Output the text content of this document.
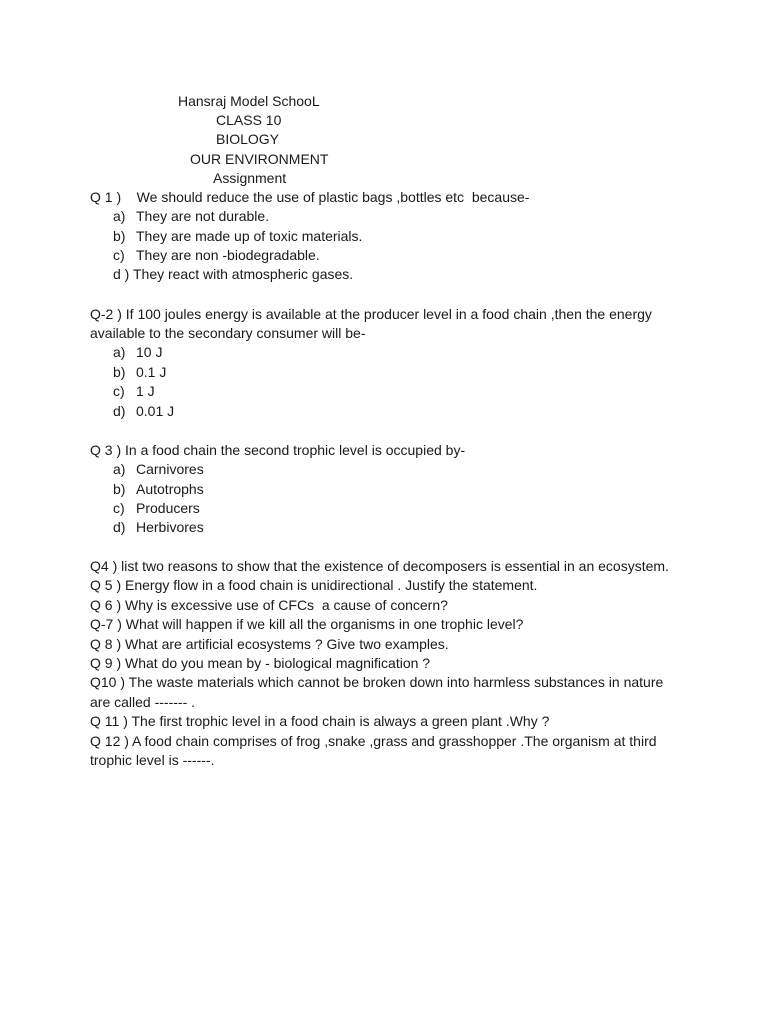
Hansraj Model SchooL
CLASS 10
BIOLOGY
OUR ENVIRONMENT
Assignment
Q 1 )    We should reduce the use of plastic bags ,bottles etc  because-
a) They are not durable.
b) They are made up of toxic materials.
c) They are non -biodegradable.
d ) They react with atmospheric gases.
Q-2 ) If 100 joules energy is available at the producer level in a food chain ,then the energy
available to the secondary consumer will be-
a) 10 J
b) 0.1 J
c) 1 J
d) 0.01 J
Q 3 ) In a food chain the second trophic level is occupied by-
a) Carnivores
b) Autotrophs
c) Producers
d) Herbivores
Q4 ) list two reasons to show that the existence of decomposers is essential in an ecosystem.
Q 5 ) Energy flow in a food chain is unidirectional . Justify the statement.
Q 6 ) Why is excessive use of CFCs  a cause of concern?
Q-7 ) What will happen if we kill all the organisms in one trophic level?
Q 8 ) What are artificial ecosystems ? Give two examples.
Q 9 ) What do you mean by - biological magnification ?
Q10 ) The waste materials which cannot be broken down into harmless substances in nature
are called ------- .
Q 11 ) The first trophic level in a food chain is always a green plant .Why ?
Q 12 ) A food chain comprises of frog ,snake ,grass and grasshopper .The organism at third
trophic level is ------.
